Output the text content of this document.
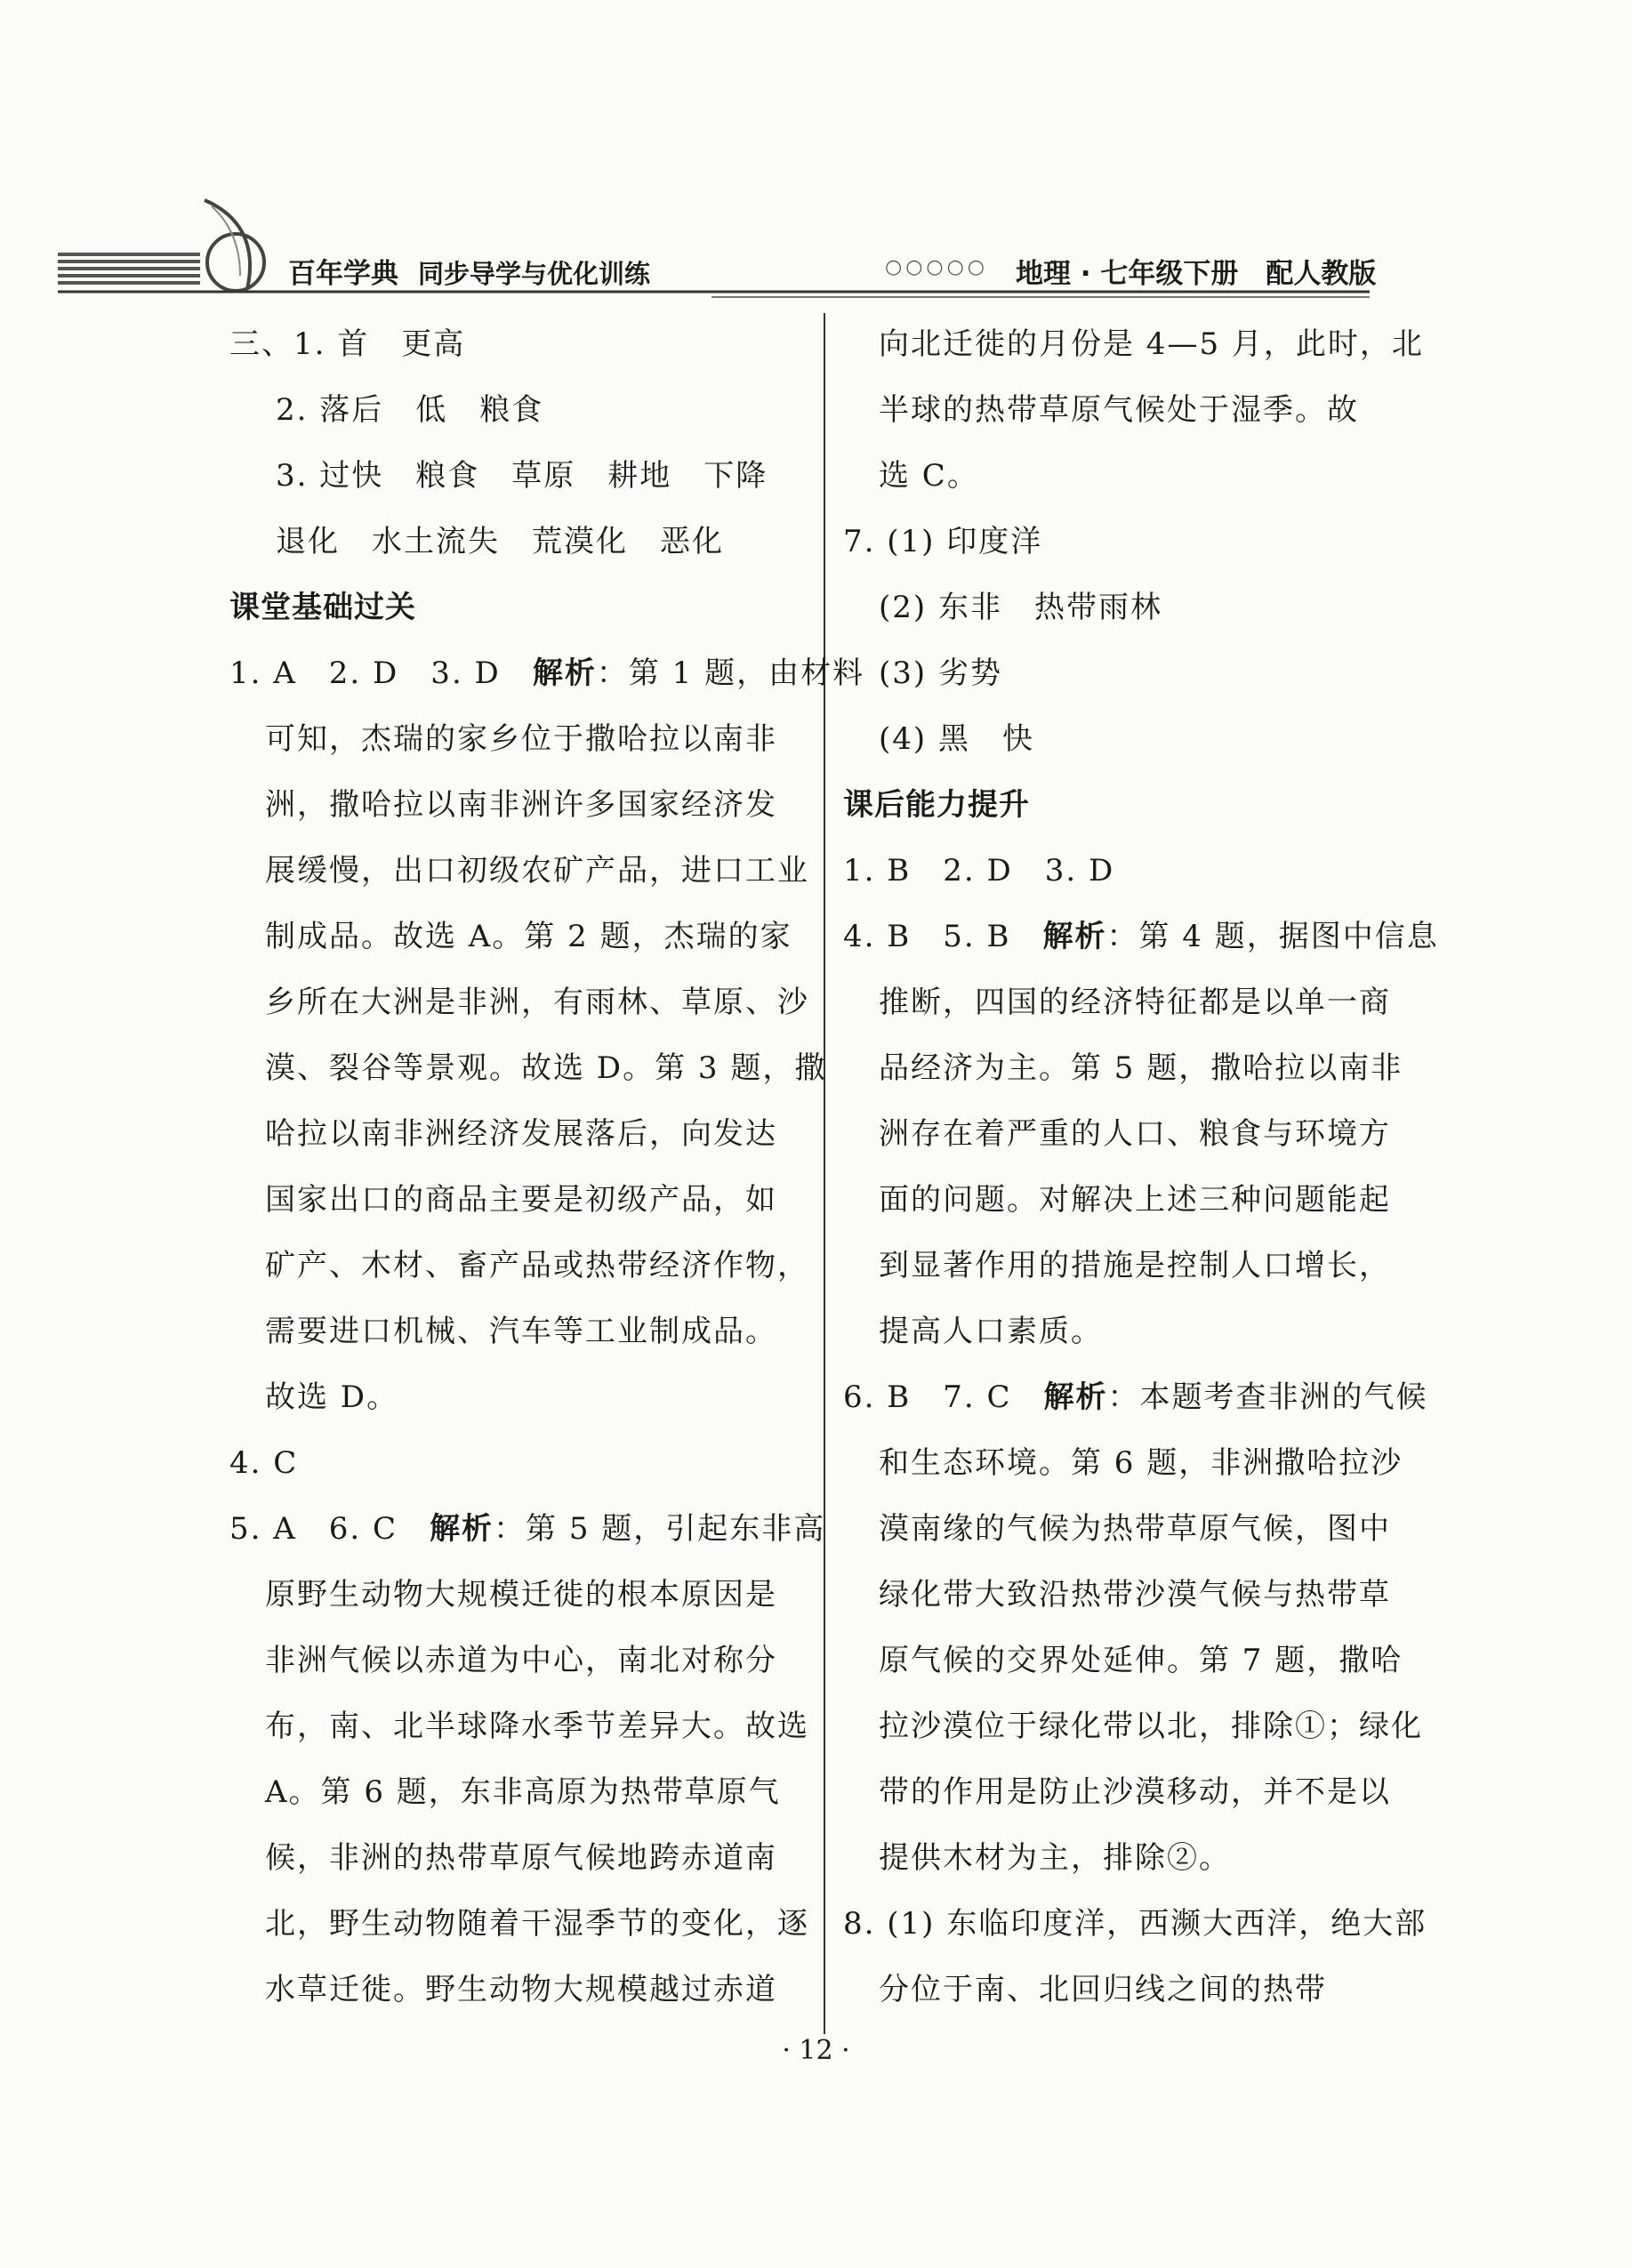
百年学典 同步导学与优化训练	○○○○○ 地理 · 七年级下册　配人教版
三、1. 首　更高
2. 落后　低　粮食
3. 过快　粮食　草原　耕地　下降
退化　水土流失　荒漠化　恶化
课堂基础过关
1. A　2. D　3. D　解析：第 1 题，由材料
可知，杰瑞的家乡位于撒哈拉以南非
洲，撒哈拉以南非洲许多国家经济发
展缓慢，出口初级农矿产品，进口工业
制成品。故选 A。第 2 题，杰瑞的家
乡所在大洲是非洲，有雨林、草原、沙
漠、裂谷等景观。故选 D。第 3 题，撒
哈拉以南非洲经济发展落后，向发达
国家出口的商品主要是初级产品，如
矿产、木材、畜产品或热带经济作物，
需要进口机械、汽车等工业制成品。
故选 D。
4. C
5. A　6. C　解析：第 5 题，引起东非高
原野生动物大规模迁徙的根本原因是
非洲气候以赤道为中心，南北对称分
布，南、北半球降水季节差异大。故选
A。第 6 题，东非高原为热带草原气
候，非洲的热带草原气候地跨赤道南
北，野生动物随着干湿季节的变化，逐
水草迁徙。野生动物大规模越过赤道
向北迁徙的月份是 4—5 月，此时，北
半球的热带草原气候处于湿季。故
选 C。
7. (1) 印度洋
(2) 东非　热带雨林
(3) 劣势
(4) 黑　快
课后能力提升
1. B　2. D　3. D
4. B　5. B　解析：第 4 题，据图中信息
推断，四国的经济特征都是以单一商
品经济为主。第 5 题，撒哈拉以南非
洲存在着严重的人口、粮食与环境方
面的问题。对解决上述三种问题能起
到显著作用的措施是控制人口增长，
提高人口素质。
6. B　7. C　解析：本题考查非洲的气候
和生态环境。第 6 题，非洲撒哈拉沙
漠南缘的气候为热带草原气候，图中
绿化带大致沿热带沙漠气候与热带草
原气候的交界处延伸。第 7 题，撒哈
拉沙漠位于绿化带以北，排除①；绿化
带的作用是防止沙漠移动，并不是以
提供木材为主，排除②。
8. (1) 东临印度洋，西濒大西洋，绝大部
分位于南、北回归线之间的热带
· 12 ·
